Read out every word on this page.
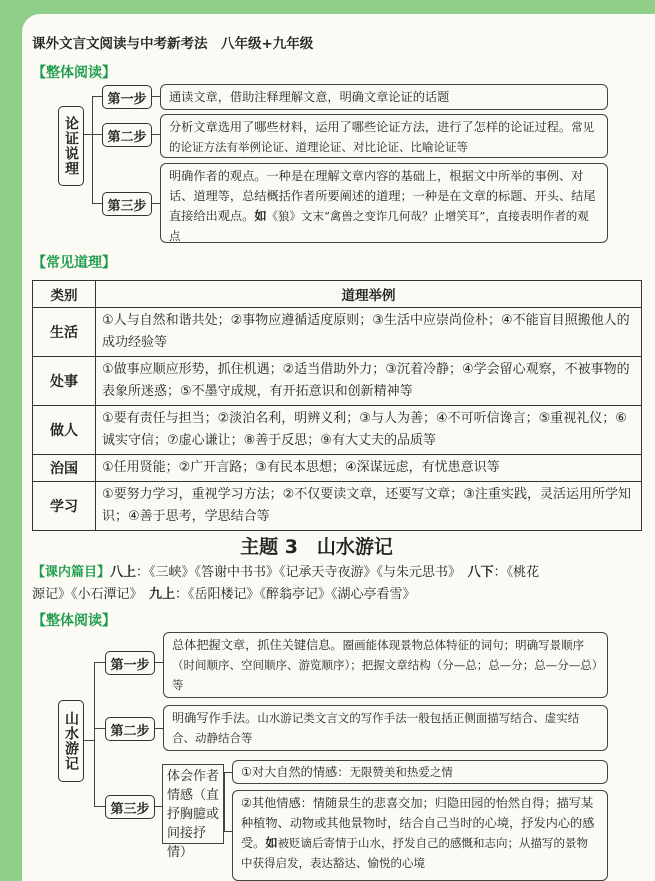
课外文言文阅读与中考新考法　八年级+九年级
【整体阅读】
论证说理
第一步	通读文章，借助注释理解文意，明确文章论证的话题
第二步
分析文章选用了哪些材料，运用了哪些论证方法，进行了怎样的论证过程。常见的论证方法有举例论证、道理论证、对比论证、比喻论证等
第三步
明确作者的观点。一种是在理解文章内容的基础上，根据文中所举的事例、对话、道理等，总结概括作者所要阐述的道理；一种是在文章的标题、开头、结尾直接给出观点。如《狼》文末“禽兽之变诈几何哉？止增笑耳”，直接表明作者的观点
【常见道理】
类别	道理举例
生活	①人与自然和谐共处；②事物应遵循适度原则；③生活中应崇尚俭朴；④不能盲目照搬他人的成功经验等
处事	①做事应顺应形势，抓住机遇；②适当借助外力；③沉着冷静；④学会留心观察，不被事物的表象所迷惑；⑤不墨守成规，有开拓意识和创新精神等
做人	①要有责任与担当；②淡泊名利，明辨义利；③与人为善；④不可听信谗言；⑤重视礼仪；⑥诚实守信；⑦虚心谦让；⑧善于反思；⑨有大丈夫的品质等
治国	①任用贤能；②广开言路；③有民本思想；④深谋远虑，有忧患意识等
学习	①要努力学习，重视学习方法；②不仅要读文章，还要写文章；③注重实践，灵活运用所学知识；④善于思考，学思结合等
主题 3　山水游记
【课内篇目】八上：《三峡》《答谢中书书》《记承天寺夜游》《与朱元思书》　 八下：《桃花
源记》《小石潭记》　 九上：《岳阳楼记》《醉翁亭记》《湖心亭看雪》
【整体阅读】
山水游记
第一步
总体把握文章，抓住关键信息。圈画能体现景物总体特征的词句；明确写景顺序（时间顺序、空间顺序、游览顺序）；把握文章结构（分—总；总—分；总—分—总）等
第二步
明确写作手法。山水游记类文言文的写作手法一般包括正侧面描写结合、虚实结合、动静结合等
第三步
体会作者情感（直抒胸臆或间接抒情）
①对大自然的情感：无限赞美和热爱之情
②其他情感：情随景生的悲喜交加；归隐田园的怡然自得；描写某种植物、动物或其他景物时，结合自己当时的心境，抒发内心的感受。如被贬谪后寄情于山水，抒发自己的感慨和志向；从描写的景物中获得启发，表达豁达、愉悦的心境
